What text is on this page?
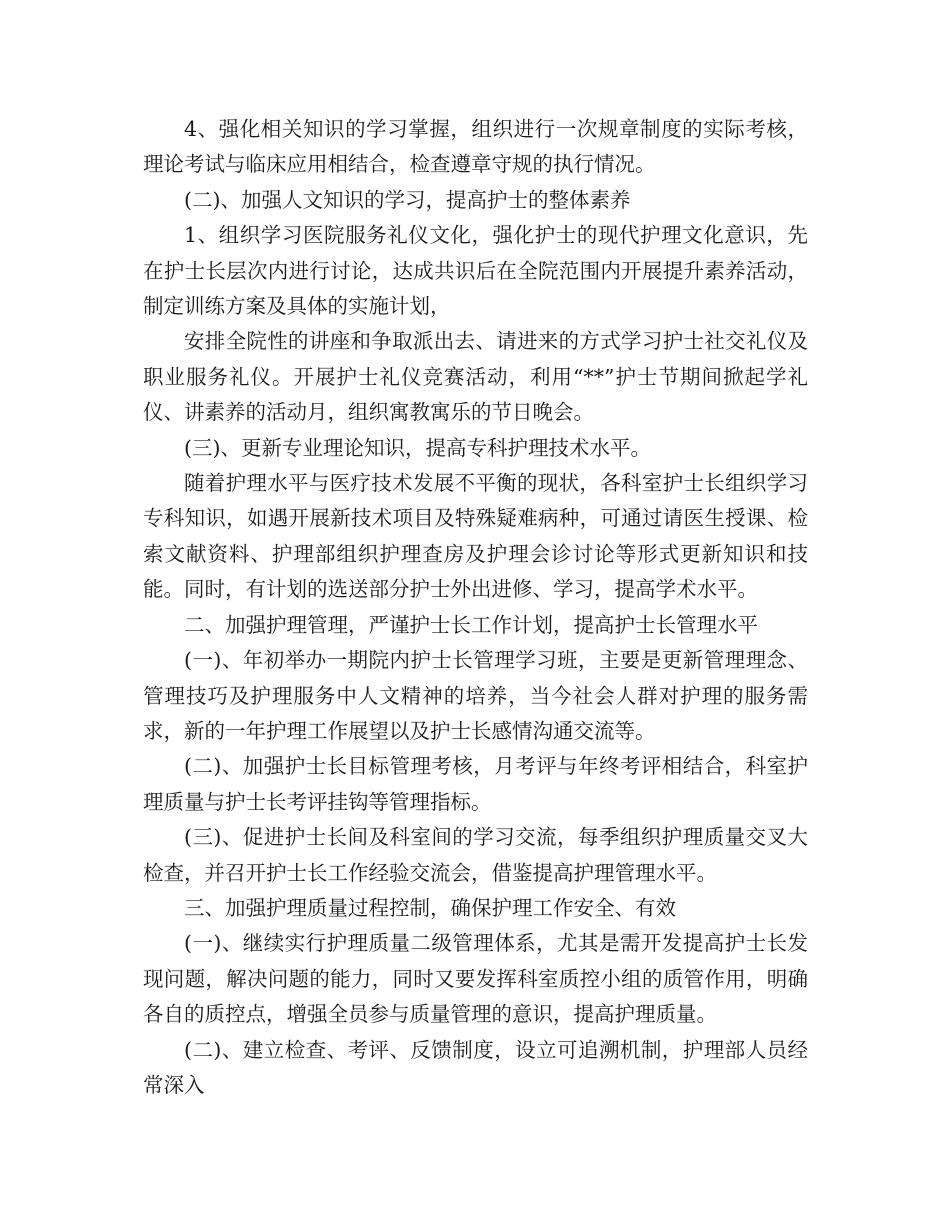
4、强化相关知识的学习掌握，组织进行一次规章制度的实际考核，理论考试与临床应用相结合，检查遵章守规的执行情况。

(二)、加强人文知识的学习，提高护士的整体素养

1、组织学习医院服务礼仪文化，强化护士的现代护理文化意识，先在护士长层次内进行讨论，达成共识后在全院范围内开展提升素养活动，制定训练方案及具体的实施计划，

安排全院性的讲座和争取派出去、请进来的方式学习护士社交礼仪及职业服务礼仪。开展护士礼仪竞赛活动，利用“**”护士节期间掀起学礼仪、讲素养的活动月，组织寓教寓乐的节日晚会。

(三)、更新专业理论知识，提高专科护理技术水平。

随着护理水平与医疗技术发展不平衡的现状，各科室护士长组织学习专科知识，如遇开展新技术项目及特殊疑难病种，可通过请医生授课、检索文献资料、护理部组织护理查房及护理会诊讨论等形式更新知识和技能。同时，有计划的选送部分护士外出进修、学习，提高学术水平。

二、加强护理管理，严谨护士长工作计划，提高护士长管理水平

(一)、年初举办一期院内护士长管理学习班，主要是更新管理理念、管理技巧及护理服务中人文精神的培养，当今社会人群对护理的服务需求，新的一年护理工作展望以及护士长感情沟通交流等。

(二)、加强护士长目标管理考核，月考评与年终考评相结合，科室护理质量与护士长考评挂钩等管理指标。

(三)、促进护士长间及科室间的学习交流，每季组织护理质量交叉大检查，并召开护士长工作经验交流会，借鉴提高护理管理水平。

三、加强护理质量过程控制，确保护理工作安全、有效

(一)、继续实行护理质量二级管理体系，尤其是需开发提高护士长发现问题，解决问题的能力，同时又要发挥科室质控小组的质管作用，明确各自的质控点，增强全员参与质量管理的意识，提高护理质量。

(二)、建立检查、考评、反馈制度，设立可追溯机制，护理部人员经常深入
